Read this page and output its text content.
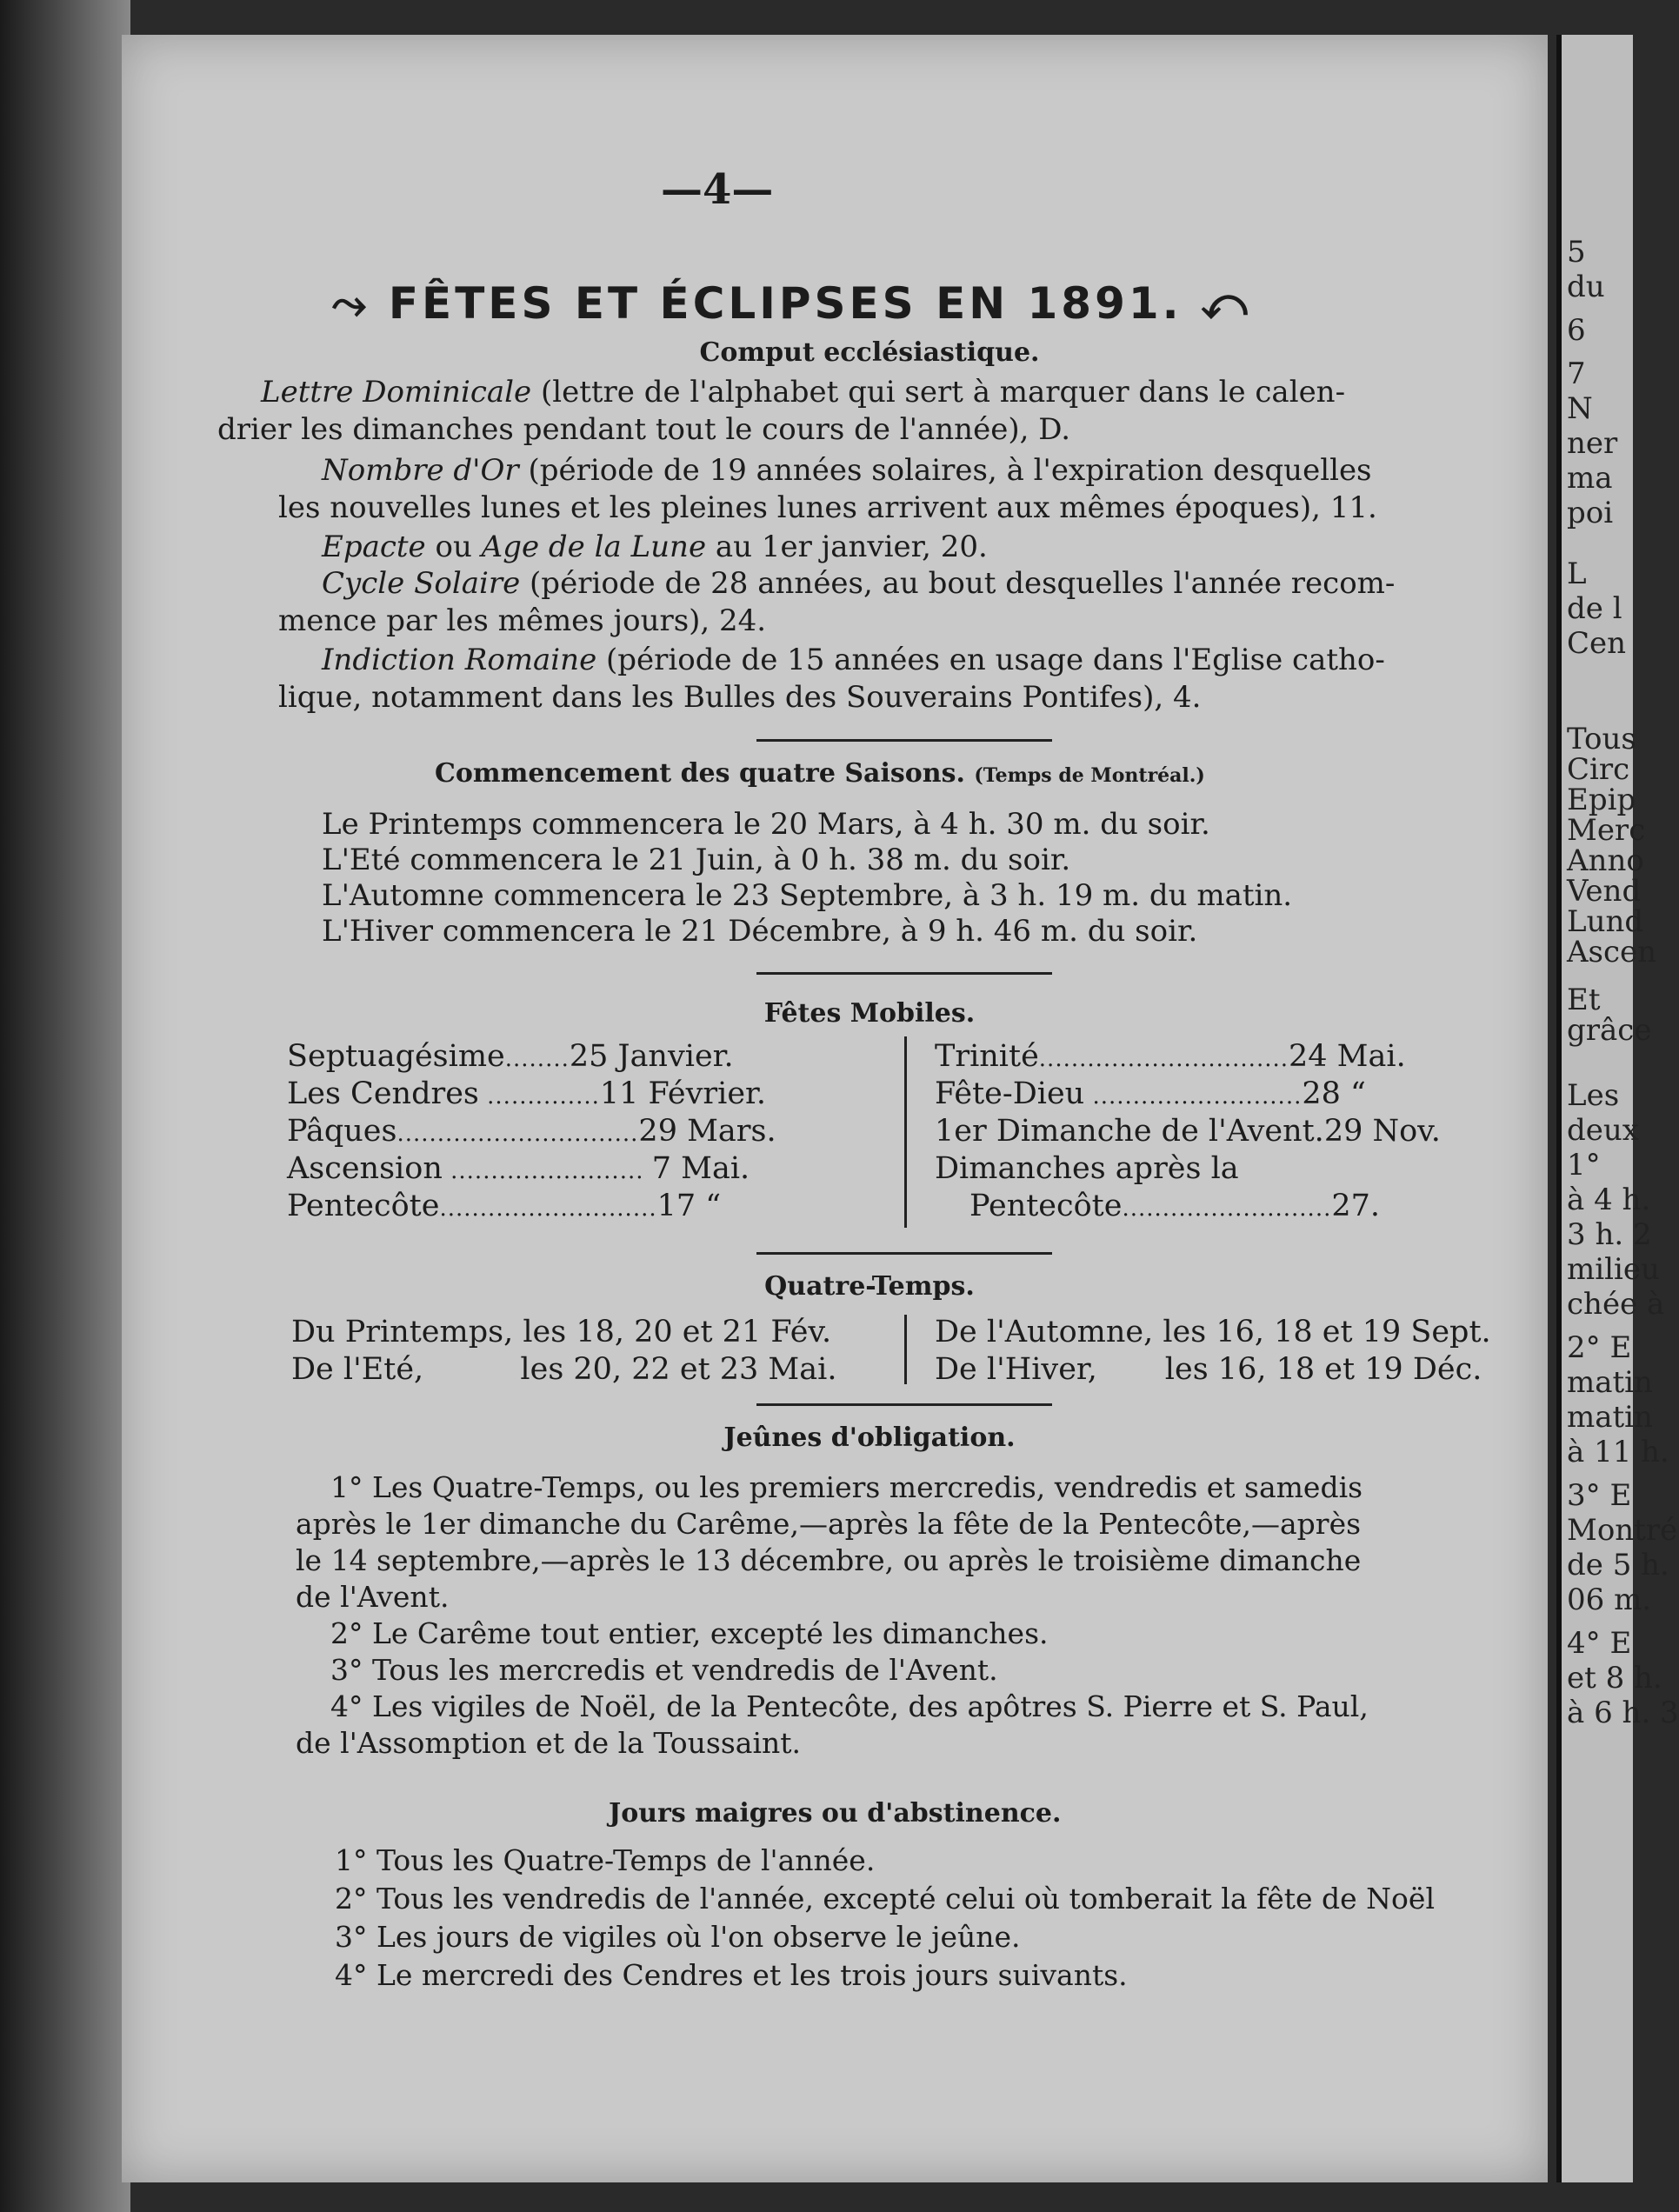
5
du
6
7
N
ner
ma
poi
L
de l
Cen
Tous
Circ
Epip
Merc
Anno
Vend
Lund
Ascen
Et
grâce
Les
deux
1°
à 4 h.
3 h. 2
milieu
chée à
2° E
matin
matin
à 11 h.
3° E
Montré
de 5 h.
06 m.
4° E
et 8 h.
à 6 h. 3
—4—
⤳ FÊTES ET ÉCLIPSES EN 1891. ⤺
Comput ecclésiastique.
Lettre Dominicale (lettre de l'alphabet qui sert à marquer dans le calen-
drier les dimanches pendant tout le cours de l'année), D.
Nombre d'Or (période de 19 années solaires, à l'expiration desquelles
les nouvelles lunes et les pleines lunes arrivent aux mêmes époques), 11.
Epacte ou Age de la Lune au 1er janvier, 20.
Cycle Solaire (période de 28 années, au bout desquelles l'année recom-
mence par les mêmes jours), 24.
Indiction Romaine (période de 15 années en usage dans l'Eglise catho-
lique, notamment dans les Bulles des Souverains Pontifes), 4.
Commencement des quatre Saisons. (Temps de Montréal.)
Le Printemps commencera le 20 Mars, à 4 h. 30 m. du soir.
L'Eté commencera le 21 Juin, à 0 h. 38 m. du soir.
L'Automne commencera le 23 Septembre, à 3 h. 19 m. du matin.
L'Hiver commencera le 21 Décembre, à 9 h. 46 m. du soir.
Fêtes Mobiles.
Septuagésime........25 Janvier.
Les Cendres ..............11 Février.
Pâques..............................29 Mars.
Ascension ........................ 7 Mai.
Pentecôte...........................17 “
Trinité...............................24 Mai.
Fête-Dieu ..........................28 “
1er Dimanche de l'Avent.29 Nov.
Dimanches après la
Pentecôte..........................27.
Quatre-Temps.
Du Printemps, les 18, 20 et 21 Fév.
De l'Eté,          les 20, 22 et 23 Mai.
De l'Automne, les 16, 18 et 19 Sept.
De l'Hiver,       les 16, 18 et 19 Déc.
Jeûnes d'obligation.
1° Les Quatre-Temps, ou les premiers mercredis, vendredis et samedis
après le 1er dimanche du Carême,—après la fête de la Pentecôte,—après
le 14 septembre,—après le 13 décembre, ou après le troisième dimanche
de l'Avent.
2° Le Carême tout entier, excepté les dimanches.
3° Tous les mercredis et vendredis de l'Avent.
4° Les vigiles de Noël, de la Pentecôte, des apôtres S. Pierre et S. Paul,
de l'Assomption et de la Toussaint.
Jours maigres ou d'abstinence.
1° Tous les Quatre-Temps de l'année.
2° Tous les vendredis de l'année, excepté celui où tomberait la fête de Noël
3° Les jours de vigiles où l'on observe le jeûne.
4° Le mercredi des Cendres et les trois jours suivants.
